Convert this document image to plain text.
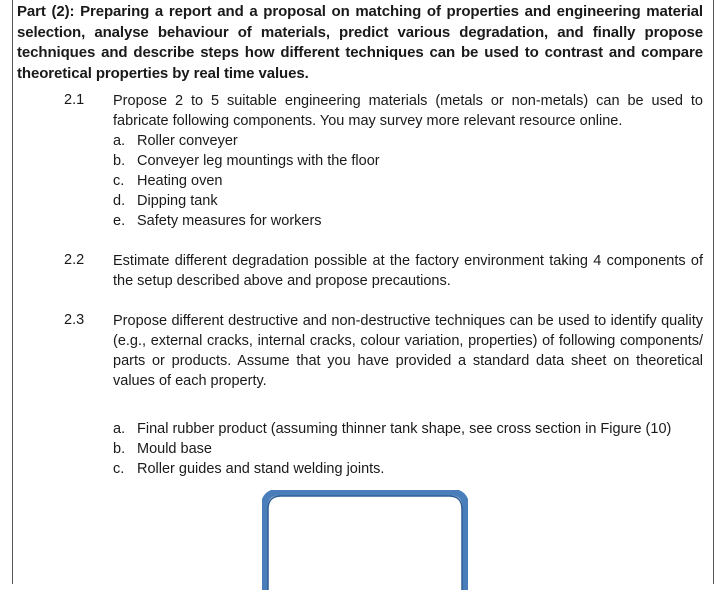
Part (2): Preparing a report and a proposal on matching of properties and engineering material selection, analyse behaviour of materials, predict various degradation, and finally propose techniques and describe steps how different techniques can be used to contrast and compare theoretical properties by real time values.
2.1 Propose 2 to 5 suitable engineering materials (metals or non-metals) can be used to fabricate following components. You may survey more relevant resource online.
a. Roller conveyer
b. Conveyer leg mountings with the floor
c. Heating oven
d. Dipping tank
e. Safety measures for workers
2.2 Estimate different degradation possible at the factory environment taking 4 components of the setup described above and propose precautions.
2.3 Propose different destructive and non-destructive techniques can be used to identify quality (e.g., external cracks, internal cracks, colour variation, properties) of following components/ parts or products. Assume that you have provided a standard data sheet on theoretical values of each property.
a. Final rubber product (assuming thinner tank shape, see cross section in Figure (10)
b. Mould base
c. Roller guides and stand welding joints.
